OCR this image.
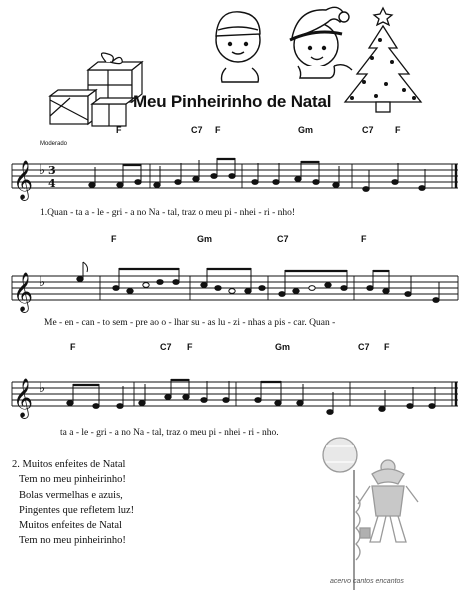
Meu Pinheirinho de Natal
Moderado
𝄞 ♭ 3
4
F	C7 F	Gm	C7 F
1.Quan - ta a - le - gri - a no Na - tal, traz o meu pi - nhei - ri - nho!
𝄞 ♭
F	Gm	C7	F
Me - en - can - to sem - pre ao o - lhar su - as lu - zi - nhas a pis - car. Quan -
𝄞 ♭
F	C7 F	Gm	C7 F
ta a - le - gri - a no Na - tal, traz o meu pi - nhei - ri - nho.
2. Muitos enfeites de Natal
Tem no meu pinheirinho!
Bolas vermelhas e azuis,
Pingentes que refletem luz!
Muitos enfeites de Natal
Tem no meu pinheirinho!
acervo cantos encantos
